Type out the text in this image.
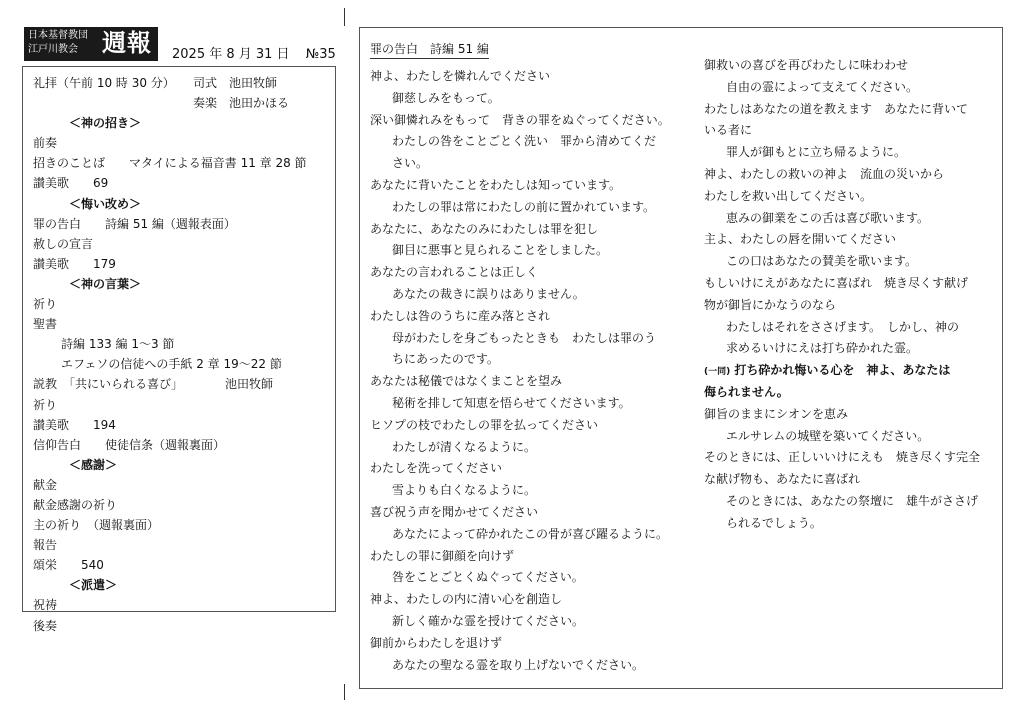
日本基督教団
江戸川教会	週報 2025 年 8 月 31 日 №35
礼拝（午前 10 時 30 分） 司式　池田牧師
奏楽　池田かほる
＜神の招き＞
前奏
招きのことば　　マタイによる福音書 11 章 28 節
讃美歌　　69
＜悔い改め＞
罪の告白　　詩編 51 編（週報表面）
赦しの宣言
讃美歌　　179
＜神の言葉＞
祈り
聖書
詩編 133 編 1～3 節
エフェソの信徒への手紙 2 章 19～22 節
説教　「共にいられる喜び」　　　　池田牧師
祈り
讃美歌　　194
信仰告白　　使徒信条（週報裏面）
＜感謝＞
献金
献金感謝の祈り
主の祈り　（週報裏面）
報告
頌栄　　540
＜派遣＞
祝祷
後奏
罪の告白　詩編 51 編
神よ、わたしを憐れんでください
御慈しみをもって。
深い御憐れみをもって　背きの罪をぬぐってください。
わたしの咎をことごとく洗い　罪から清めてくだ
さい。
あなたに背いたことをわたしは知っています。
わたしの罪は常にわたしの前に置かれています。
あなたに、あなたのみにわたしは罪を犯し
御目に悪事と見られることをしました。
あなたの言われることは正しく
あなたの裁きに誤りはありません。
わたしは咎のうちに産み落とされ
母がわたしを身ごもったときも　わたしは罪のう
ちにあったのです。
あなたは秘儀ではなくまことを望み
秘術を排して知恵を悟らせてくださいます。
ヒソプの枝でわたしの罪を払ってください
わたしが清くなるように。
わたしを洗ってください
雪よりも白くなるように。
喜び祝う声を聞かせてください
あなたによって砕かれたこの骨が喜び躍るように。
わたしの罪に御顔を向けず
咎をことごとくぬぐってください。
神よ、わたしの内に清い心を創造し
新しく確かな霊を授けてください。
御前からわたしを退けず
あなたの聖なる霊を取り上げないでください。
御救いの喜びを再びわたしに味わわせ
自由の霊によって支えてください。
わたしはあなたの道を教えます　あなたに背いて
いる者に
罪人が御もとに立ち帰るように。
神よ、わたしの救いの神よ　流血の災いから
わたしを救い出してください。
恵みの御業をこの舌は喜び歌います。
主よ、わたしの唇を開いてください
この口はあなたの賛美を歌います。
もしいけにえがあなたに喜ばれ　焼き尽くす献げ
物が御旨にかなうのなら
わたしはそれをささげます。　しかし、神の
求めるいけにえは打ち砕かれた霊。
(一同) 打ち砕かれ悔いる心を　神よ、あなたは
侮られません。
御旨のままにシオンを恵み
エルサレムの城壁を築いてください。
そのときには、正しいいけにえも　焼き尽くす完全
な献げ物も、あなたに喜ばれ
そのときには、あなたの祭壇に　雄牛がささげ
られるでしょう。
